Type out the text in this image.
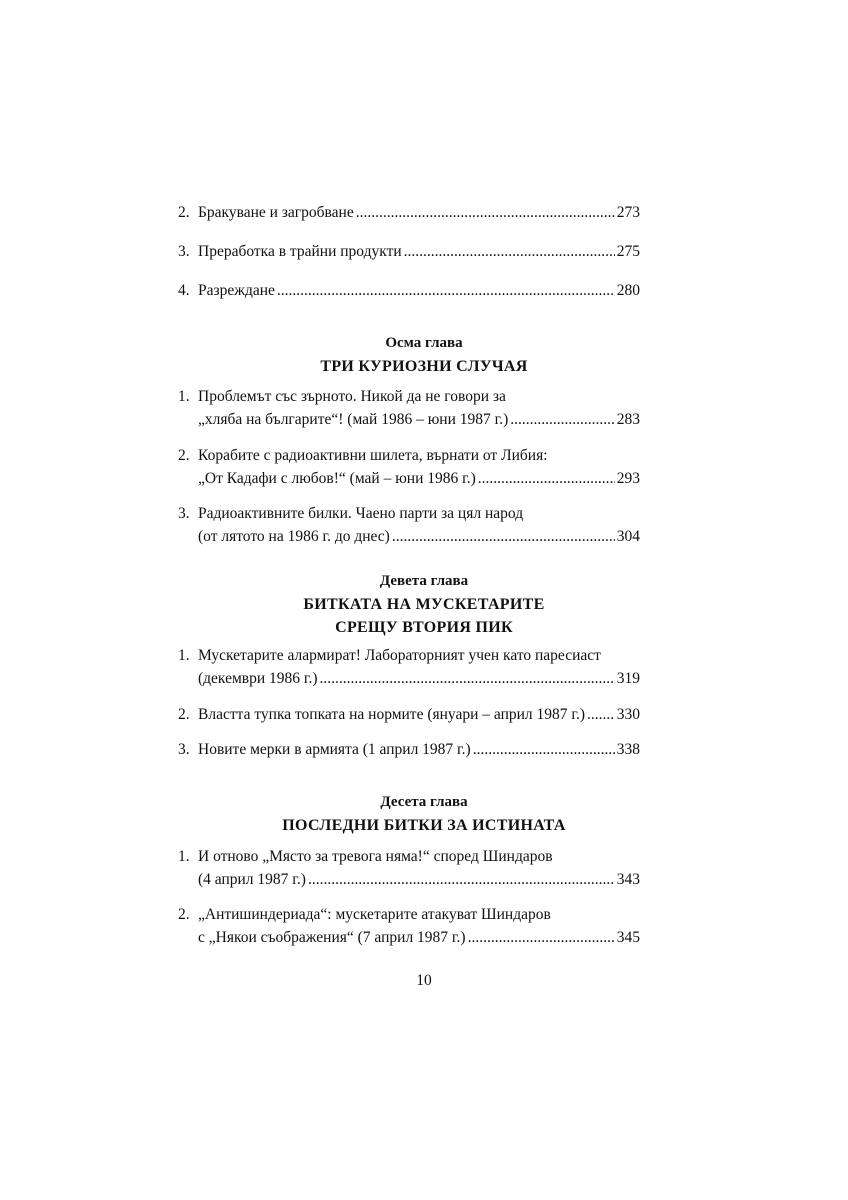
2. Бракуване и загробване .....	273
3. Преработка в трайни продукти .....	275
4. Разреждане .....	280
Осма глава
ТРИ КУРИОЗНИ СЛУЧАЯ
1. Проблемът със зърното. Никой да не говори за
„хляба на българите“! (май 1986 – юни 1987 г.) .....	283
2. Корабите с радиоактивни шилета, върнати от Либия:
„От Кадафи с любов!“ (май – юни 1986 г.) .....	293
3. Радиоактивните билки. Чаено парти за цял народ
(от лятото на 1986 г. до днес) .....	304
Девета глава
БИТКАТА НА МУСКЕТАРИТЕ
СРЕЩУ ВТОРИЯ ПИК
1. Мускетарите алармират! Лабораторният учен като пaресиаст
(декември 1986 г.) .....	319
2. Властта тупка топката на нормите (януари – април 1987 г.) ..... 330
3. Новите мерки в армията (1 април 1987 г.) .....	338
Десета глава
ПОСЛЕДНИ БИТКИ ЗА ИСТИНАТА
1. И отново „Място за тревога няма!“ според Шиндаров
(4 април 1987 г.) .....	343
2. „Антишиндериада“: мускетарите атакуват Шиндаров
с „Някои съображения“ (7 април 1987 г.) .....	345
10
